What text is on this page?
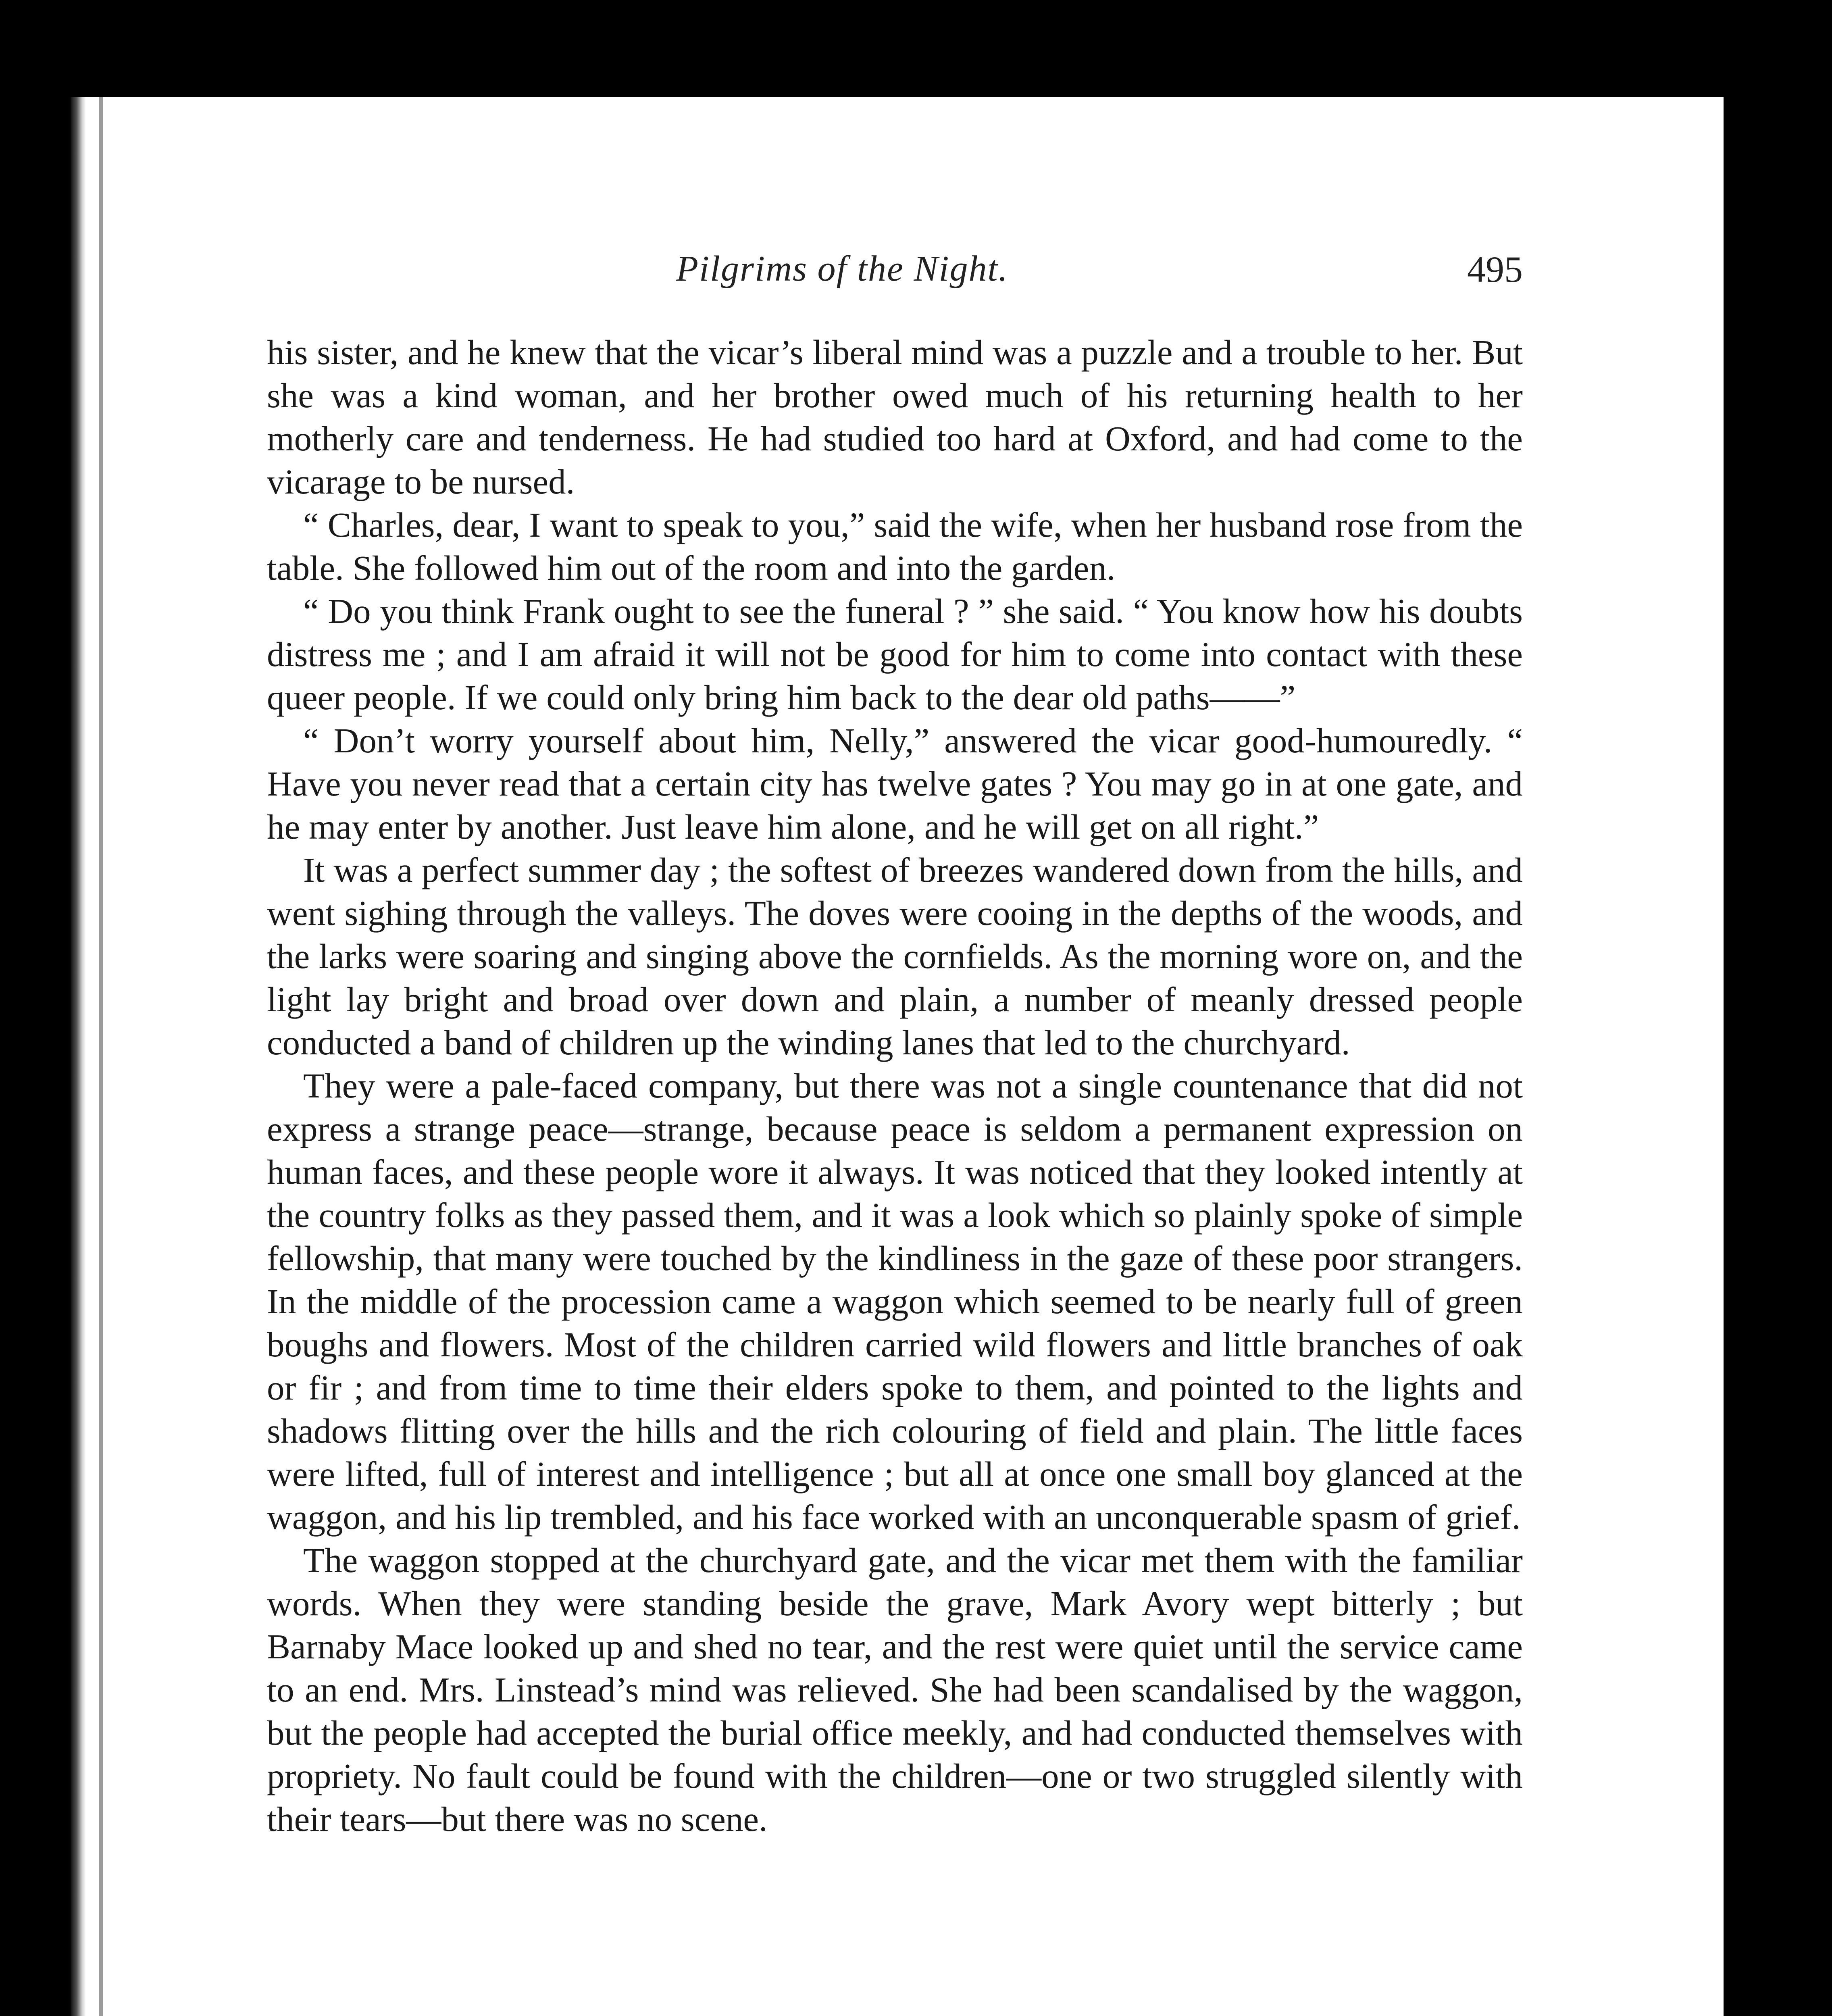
Pilgrims of the Night.	495

his sister, and he knew that the vicar’s liberal mind was a puzzle and a trouble to her. But she was a kind woman, and her brother owed much of his returning health to her motherly care and tenderness. He had studied too hard at Oxford, and had come to the vicarage to be nursed.

“ Charles, dear, I want to speak to you,” said the wife, when her husband rose from the table. She followed him out of the room and into the garden.

“ Do you think Frank ought to see the funeral ? ” she said. “ You know how his doubts distress me ; and I am afraid it will not be good for him to come into contact with these queer people. If we could only bring him back to the dear old paths——”

“ Don’t worry yourself about him, Nelly,” answered the vicar good-humouredly. “ Have you never read that a certain city has twelve gates ? You may go in at one gate, and he may enter by another. Just leave him alone, and he will get on all right.”

It was a perfect summer day ; the softest of breezes wandered down from the hills, and went sighing through the valleys. The doves were cooing in the depths of the woods, and the larks were soaring and singing above the cornfields. As the morning wore on, and the light lay bright and broad over down and plain, a number of meanly dressed people conducted a band of children up the winding lanes that led to the churchyard.

They were a pale-faced company, but there was not a single countenance that did not express a strange peace—strange, because peace is seldom a permanent expression on human faces, and these people wore it always. It was noticed that they looked intently at the country folks as they passed them, and it was a look which so plainly spoke of simple fellowship, that many were touched by the kindliness in the gaze of these poor strangers. In the middle of the procession came a waggon which seemed to be nearly full of green boughs and flowers. Most of the children carried wild flowers and little branches of oak or fir ; and from time to time their elders spoke to them, and pointed to the lights and shadows flitting over the hills and the rich colouring of field and plain. The little faces were lifted, full of interest and intelligence ; but all at once one small boy glanced at the waggon, and his lip trembled, and his face worked with an unconquerable spasm of grief.

The waggon stopped at the churchyard gate, and the vicar met them with the familiar words. When they were standing beside the grave, Mark Avory wept bitterly ; but Barnaby Mace looked up and shed no tear, and the rest were quiet until the service came to an end. Mrs. Linstead’s mind was relieved. She had been scandalised by the waggon, but the people had accepted the burial office meekly, and had conducted themselves with propriety. No fault could be found with the children—one or two struggled silently with their tears—but there was no scene.
